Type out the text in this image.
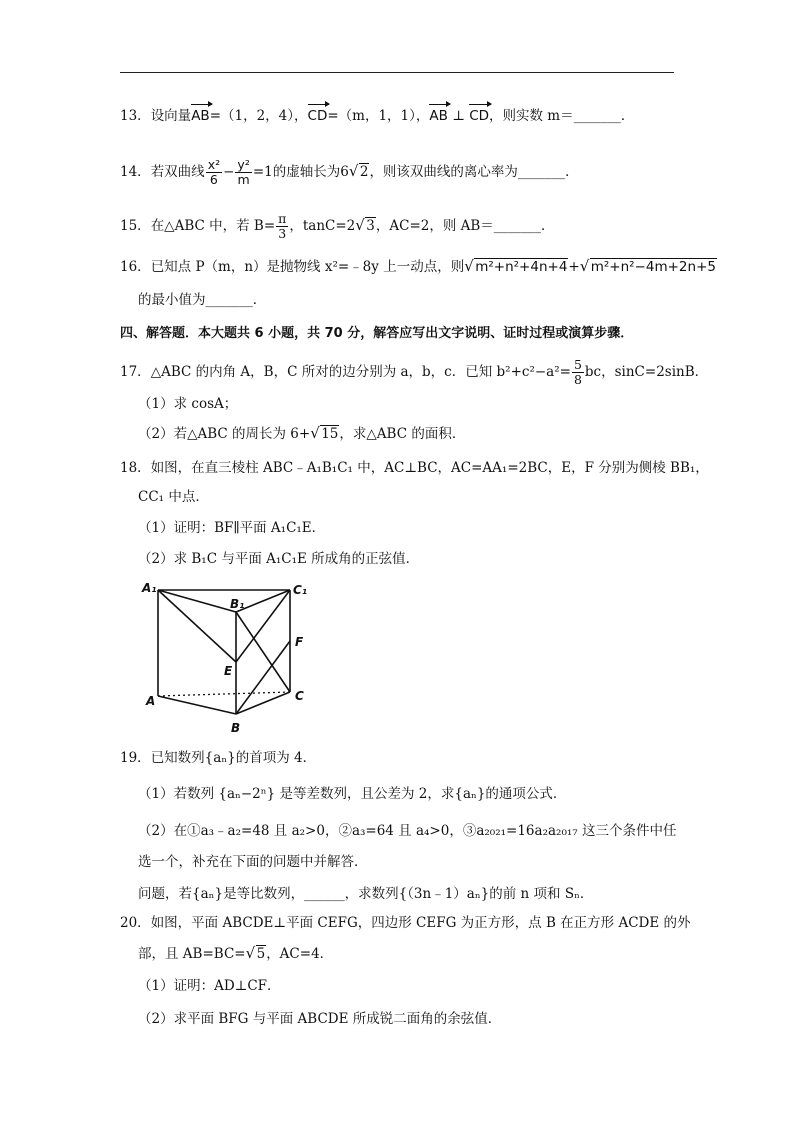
13．设向量AB=（1，2，4），CD=（m，1，1），AB ⊥ CD，则实数 m＝_______．
14．若双曲线 $\frac{\text{x²}}{6} - \frac{\text{y²}}{m} =1$的虚轴长为6 √ 2，则该双曲线的离心率为_______．
15．在△ABC 中，若 $B= \frac{\pi}{3}$ ，tanC=2 √ 3，AC=2，则 AB＝_______．
16．已知点 P（m，n）是抛物线 x²=﹣8y 上一动点，则 √ m²+n²+4n+4+ √ m²+n²−4m+2n+5
的最小值为_______．
四、解答题．本大题共 6 小题，共 70 分，解答应写出文字说明、证时过程或演算步骤．
17．△ABC 的内角 A，B，C 所对的边分别为 a，b，c．已知 $b^2+c^2-a^2= \frac{5}{8}$ bc，sinC=2sinB．
（1）求 cosA；
（2）若△ABC 的周长为 6+ √ 15，求△ABC 的面积．
18．如图，在直三棱柱 ABC﹣A₁B₁C₁ 中，AC⊥BC，AC=AA₁=2BC，E，F 分别为侧棱 BB₁，
CC₁ 中点．
（1）证明：BF∥平面 A₁C₁E．
（2）求 B₁C 与平面 A₁C₁E 所成角的正弦值．
A₁
B₁
C₁
A
B
C
E
F
19．已知数列{aₙ}的首项为 4．
（1）若数列 {aₙ−2ⁿ} 是等差数列，且公差为 2，求{aₙ}的通项公式．
（2）在①a₃﹣a₂=48 且 a₂>0，②a₃=64 且 a₄>0，③a₂₀₂₁=16a₂a₂₀₁₇ 这三个条件中任
选一个，补充在下面的问题中并解答．
问题，若{aₙ}是等比数列，______，求数列{（3n﹣1）aₙ}的前 n 项和 Sₙ．
20．如图，平面 ABCDE⊥平面 CEFG，四边形 CEFG 为正方形，点 B 在正方形 ACDE 的外
部，且 AB=BC= √ 5，AC=4．
（1）证明：AD⊥CF．
（2）求平面 BFG 与平面 ABCDE 所成锐二面角的余弦值．
